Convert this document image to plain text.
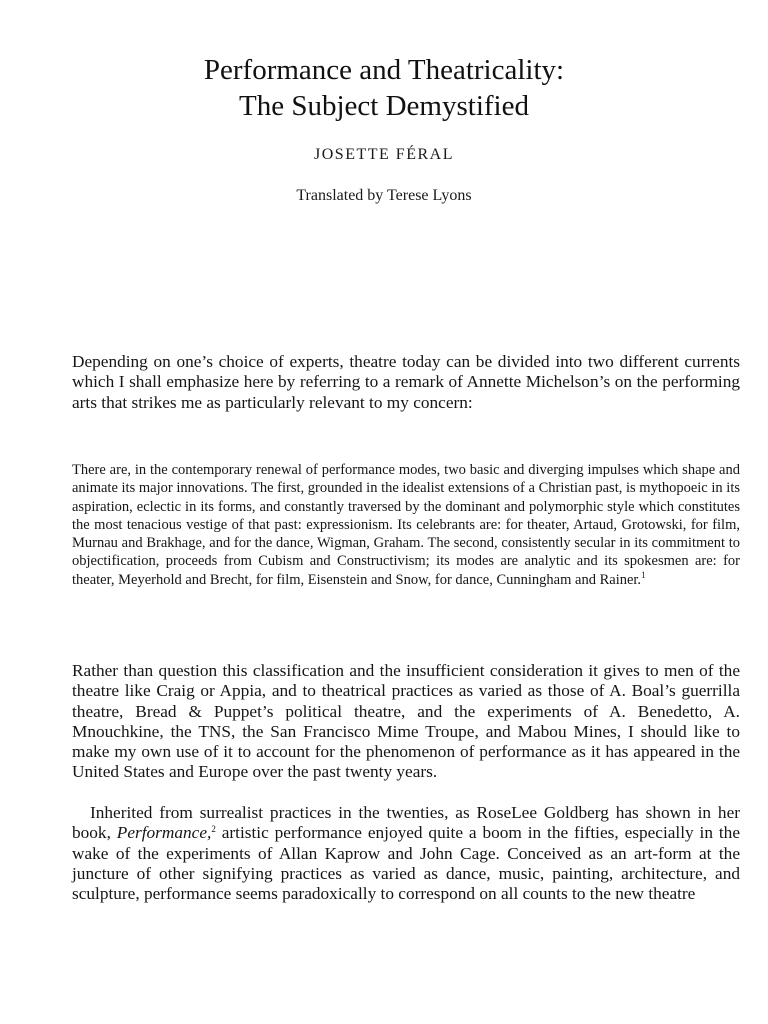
Performance and Theatricality:
The Subject Demystified
JOSETTE FÉRAL
Translated by Terese Lyons

Depending on one’s choice of experts, theatre today can be divided into two different currents which I shall emphasize here by referring to a remark of Annette Michelson’s on the performing arts that strikes me as particularly relevant to my concern:

There are, in the contemporary renewal of performance modes, two basic and diverging impulses which shape and animate its major innovations. The first, grounded in the idealist extensions of a Christian past, is mythopoeic in its aspiration, eclectic in its forms, and constantly traversed by the dominant and polymorphic style which constitutes the most tenacious vestige of that past: expressionism. Its celebrants are: for theater, Artaud, Grotowski, for film, Murnau and Brakhage, and for the dance, Wigman, Graham. The second, consistently secular in its commitment to objectification, proceeds from Cubism and Constructivism; its modes are analytic and its spokesmen are: for theater, Meyerhold and Brecht, for film, Eisenstein and Snow, for dance, Cunningham and Rainer.$^1$

Rather than question this classification and the insufficient consideration it gives to men of the theatre like Craig or Appia, and to theatrical practices as varied as those of A. Boal’s guerrilla theatre, Bread & Puppet’s political theatre, and the experiments of A. Benedetto, A. Mnouchkine, the TNS, the San Francisco Mime Troupe, and Mabou Mines, I should like to make my own use of it to account for the phenomenon of performance as it has appeared in the United States and Europe over the past twenty years.

Inherited from surrealist practices in the twenties, as RoseLee Goldberg has shown in her book, Performance,$^2$ artistic performance enjoyed quite a boom in the fifties, especially in the wake of the experiments of Allan Kaprow and John Cage. Conceived as an art-form at the juncture of other signifying practices as varied as dance, music, painting, architecture, and sculpture, performance seems paradoxically to correspond on all counts to the new theatre
